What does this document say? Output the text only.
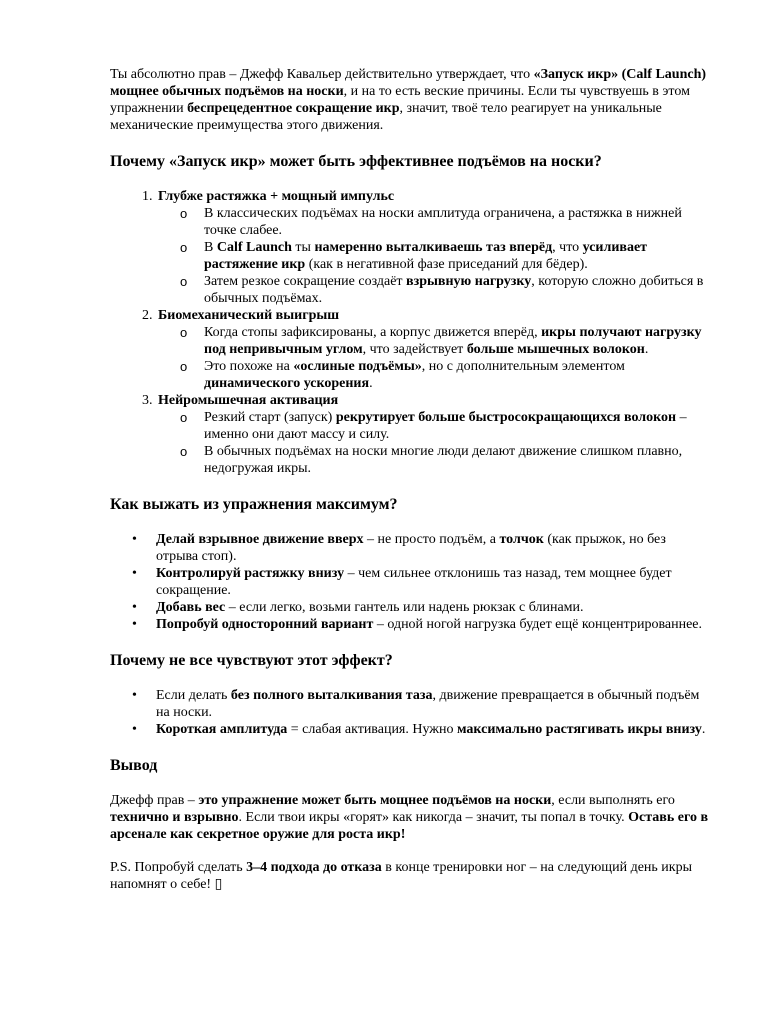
Ты абсолютно прав – Джефф Кавальер действительно утверждает, что «Запуск икр» (Calf Launch) мощнее обычных подъёмов на носки, и на то есть веские причины. Если ты чувствуешь в этом упражнении беспрецедентное сокращение икр, значит, твоё тело реагирует на уникальные механические преимущества этого движения.

Почему «Запуск икр» может быть эффективнее подъёмов на носки?
1. Глубже растяжка + мощный импульс
o В классических подъёмах на носки амплитуда ограничена, а растяжка в нижней точке слабее.
o В Calf Launch ты намеренно выталкиваешь таз вперёд, что усиливает растяжение икр (как в негативной фазе приседаний для бёдер).
o Затем резкое сокращение создаёт взрывную нагрузку, которую сложно добиться в обычных подъёмах.
2. Биомеханический выигрыш
o Когда стопы зафиксированы, а корпус движется вперёд, икры получают нагрузку под непривычным углом, что задействует больше мышечных волокон.
o Это похоже на «ослиные подъёмы», но с дополнительным элементом динамического ускорения.
3. Нейромышечная активация
o Резкий старт (запуск) рекрутирует больше быстросокращающихся волокон – именно они дают массу и силу.
o В обычных подъёмах на носки многие люди делают движение слишком плавно, недогружая икры.
Как выжать из упражнения максимум?
• Делай взрывное движение вверх – не просто подъём, а толчок (как прыжок, но без отрыва стоп).
• Контролируй растяжку внизу – чем сильнее отклонишь таз назад, тем мощнее будет сокращение.
• Добавь вес – если легко, возьми гантель или надень рюкзак с блинами.
• Попробуй односторонний вариант – одной ногой нагрузка будет ещё концентрированнее.
Почему не все чувствуют этот эффект?
• Если делать без полного выталкивания таза, движение превращается в обычный подъём на носки.
• Короткая амплитуда = слабая активация. Нужно максимально растягивать икры внизу.
Вывод

Джефф прав – это упражнение может быть мощнее подъёмов на носки, если выполнять его технично и взрывно. Если твои икры «горят» как никогда – значит, ты попал в точку. Оставь его в арсенале как секретное оружие для роста икр!

P.S. Попробуй сделать 3–4 подхода до отказа в конце тренировки ног – на следующий день икры напомнят о себе! ▯
